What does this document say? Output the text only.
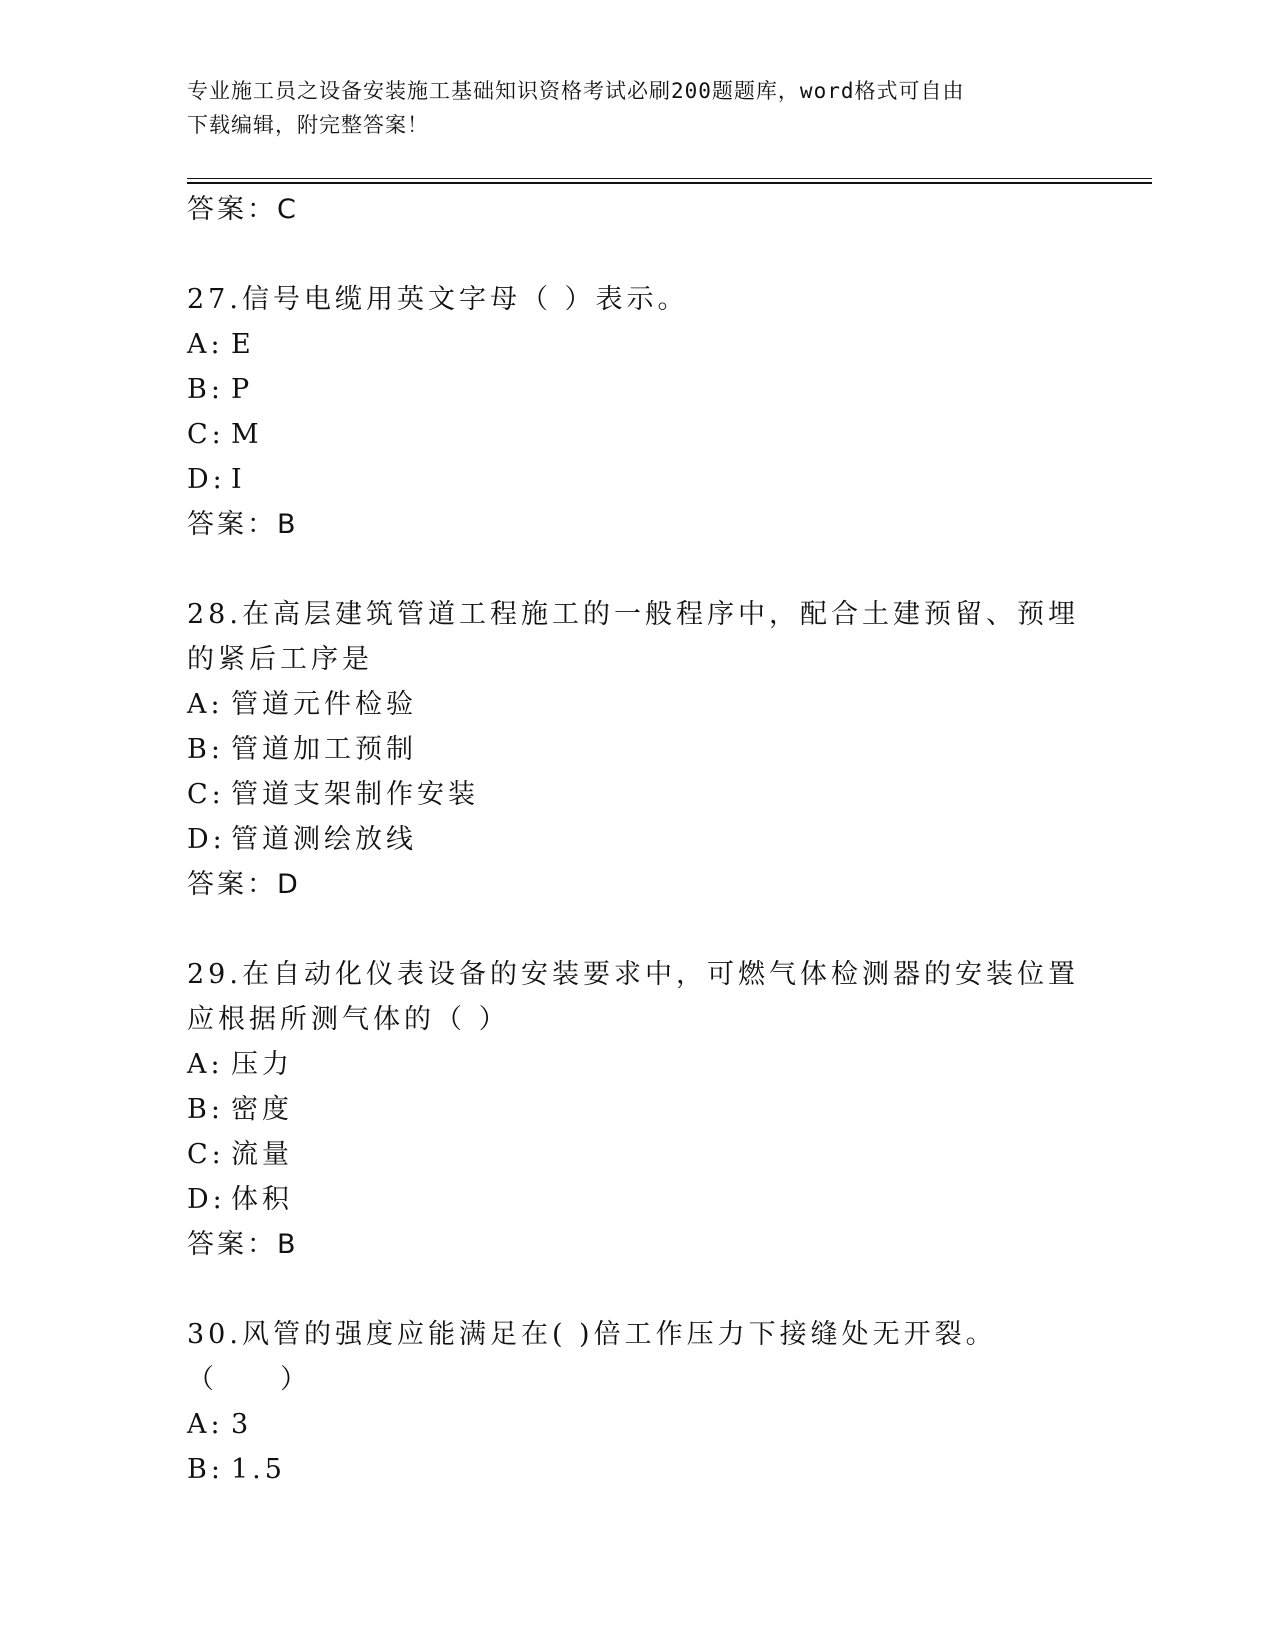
专业施工员之设备安装施工基础知识资格考试必刷200题题库，word格式可自由
下载编辑，附完整答案！
答案：C
27.信号电缆用英文字母（ ）表示。
A: E
B: P
C: M
D: I
答案：B
28.在高层建筑管道工程施工的一般程序中，配合土建预留、预埋的紧后工序是
A: 管道元件检验
B: 管道加工预制
C: 管道支架制作安装
D: 管道测绘放线
答案：D
29.在自动化仪表设备的安装要求中，可燃气体检测器的安装位置应根据所测气体的（ ）
A: 压力
B: 密度
C: 流量
D: 体积
答案：B
30.风管的强度应能满足在( )倍工作压力下接缝处无开裂。（　　）
A: 3
B: 1.5
